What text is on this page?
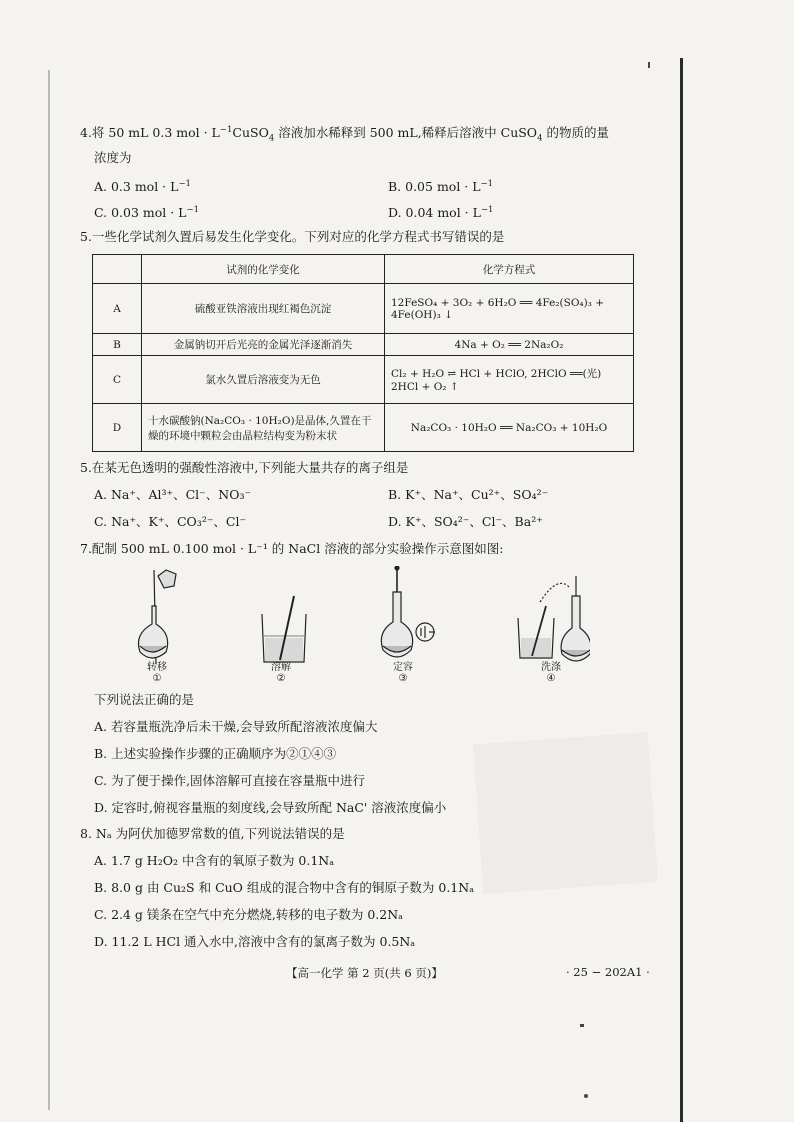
4.将 50 mL 0.3 mol · $L^{-1}CuSO_4$ 溶液加水稀释到 500 mL,稀释后溶液中 CuSO$_4$ 的物质的量
浓度为
A. 0.3 mol · $L^{-1}$	B. 0.05 mol · $L^{-1}$
C. 0.03 mol · $L^{-1}$	D. 0.04 mol · $L^{-1}$
5.一些化学试剂久置后易发生化学变化。下列对应的化学方程式书写错误的是
	试剂的化学变化	化学方程式
A	硫酸亚铁溶液出现红褐色沉淀	12FeSO₄ + 3O₂ + 6H₂O ══ 4Fe₂(SO₄)₃ + 4Fe(OH)₃ ↓
B	金属钠切开后光亮的金属光泽逐渐消失	4Na + O₂ ══ 2Na₂O₂
C	氯水久置后溶液变为无色	Cl₂ + H₂O ⇌ HCl + HClO, 2HClO ══(光) 2HCl + O₂ ↑
D	十水碳酸钠(Na₂CO₃ · 10H₂O)是晶体,久置在干燥的环境中颗粒会由晶粒结构变为粉末状	Na₂CO₃ · 10H₂O ══ Na₂CO₃ + 10H₂O
5.在某无色透明的强酸性溶液中,下列能大量共存的离子组是
A. Na⁺、Al³⁺、Cl⁻、NO₃⁻	B. K⁺、Na⁺、Cu²⁺、SO₄²⁻
C. Na⁺、K⁺、CO₃²⁻、Cl⁻	D. K⁺、SO₄²⁻、Cl⁻、Ba²⁺
7.配制 500 mL 0.100 mol · L⁻¹ 的 NaCl 溶液的部分实验操作示意图如图:
转移
①
溶解
②
定容
③
洗涤
④
下列说法正确的是
A. 若容量瓶洗净后未干燥,会导致所配溶液浓度偏大
B. 上述实验操作步骤的正确顺序为②①④③
C. 为了便于操作,固体溶解可直接在容量瓶中进行
D. 定容时,俯视容量瓶的刻度线,会导致所配 NaC' 溶液浓度偏小
8. Nₐ 为阿伏加德罗常数的值,下列说法错误的是
A. 1.7 g H₂O₂ 中含有的氧原子数为 0.1Nₐ
B. 8.0 g 由 Cu₂S 和 CuO 组成的混合物中含有的铜原子数为 0.1Nₐ
C. 2.4 g 镁条在空气中充分燃烧,转移的电子数为 0.2Nₐ
D. 11.2 L HCl 通入水中,溶液中含有的氯离子数为 0.5Nₐ
【高一化学 第 2 页(共 6 页)】	· 25 − 202A1 ·
